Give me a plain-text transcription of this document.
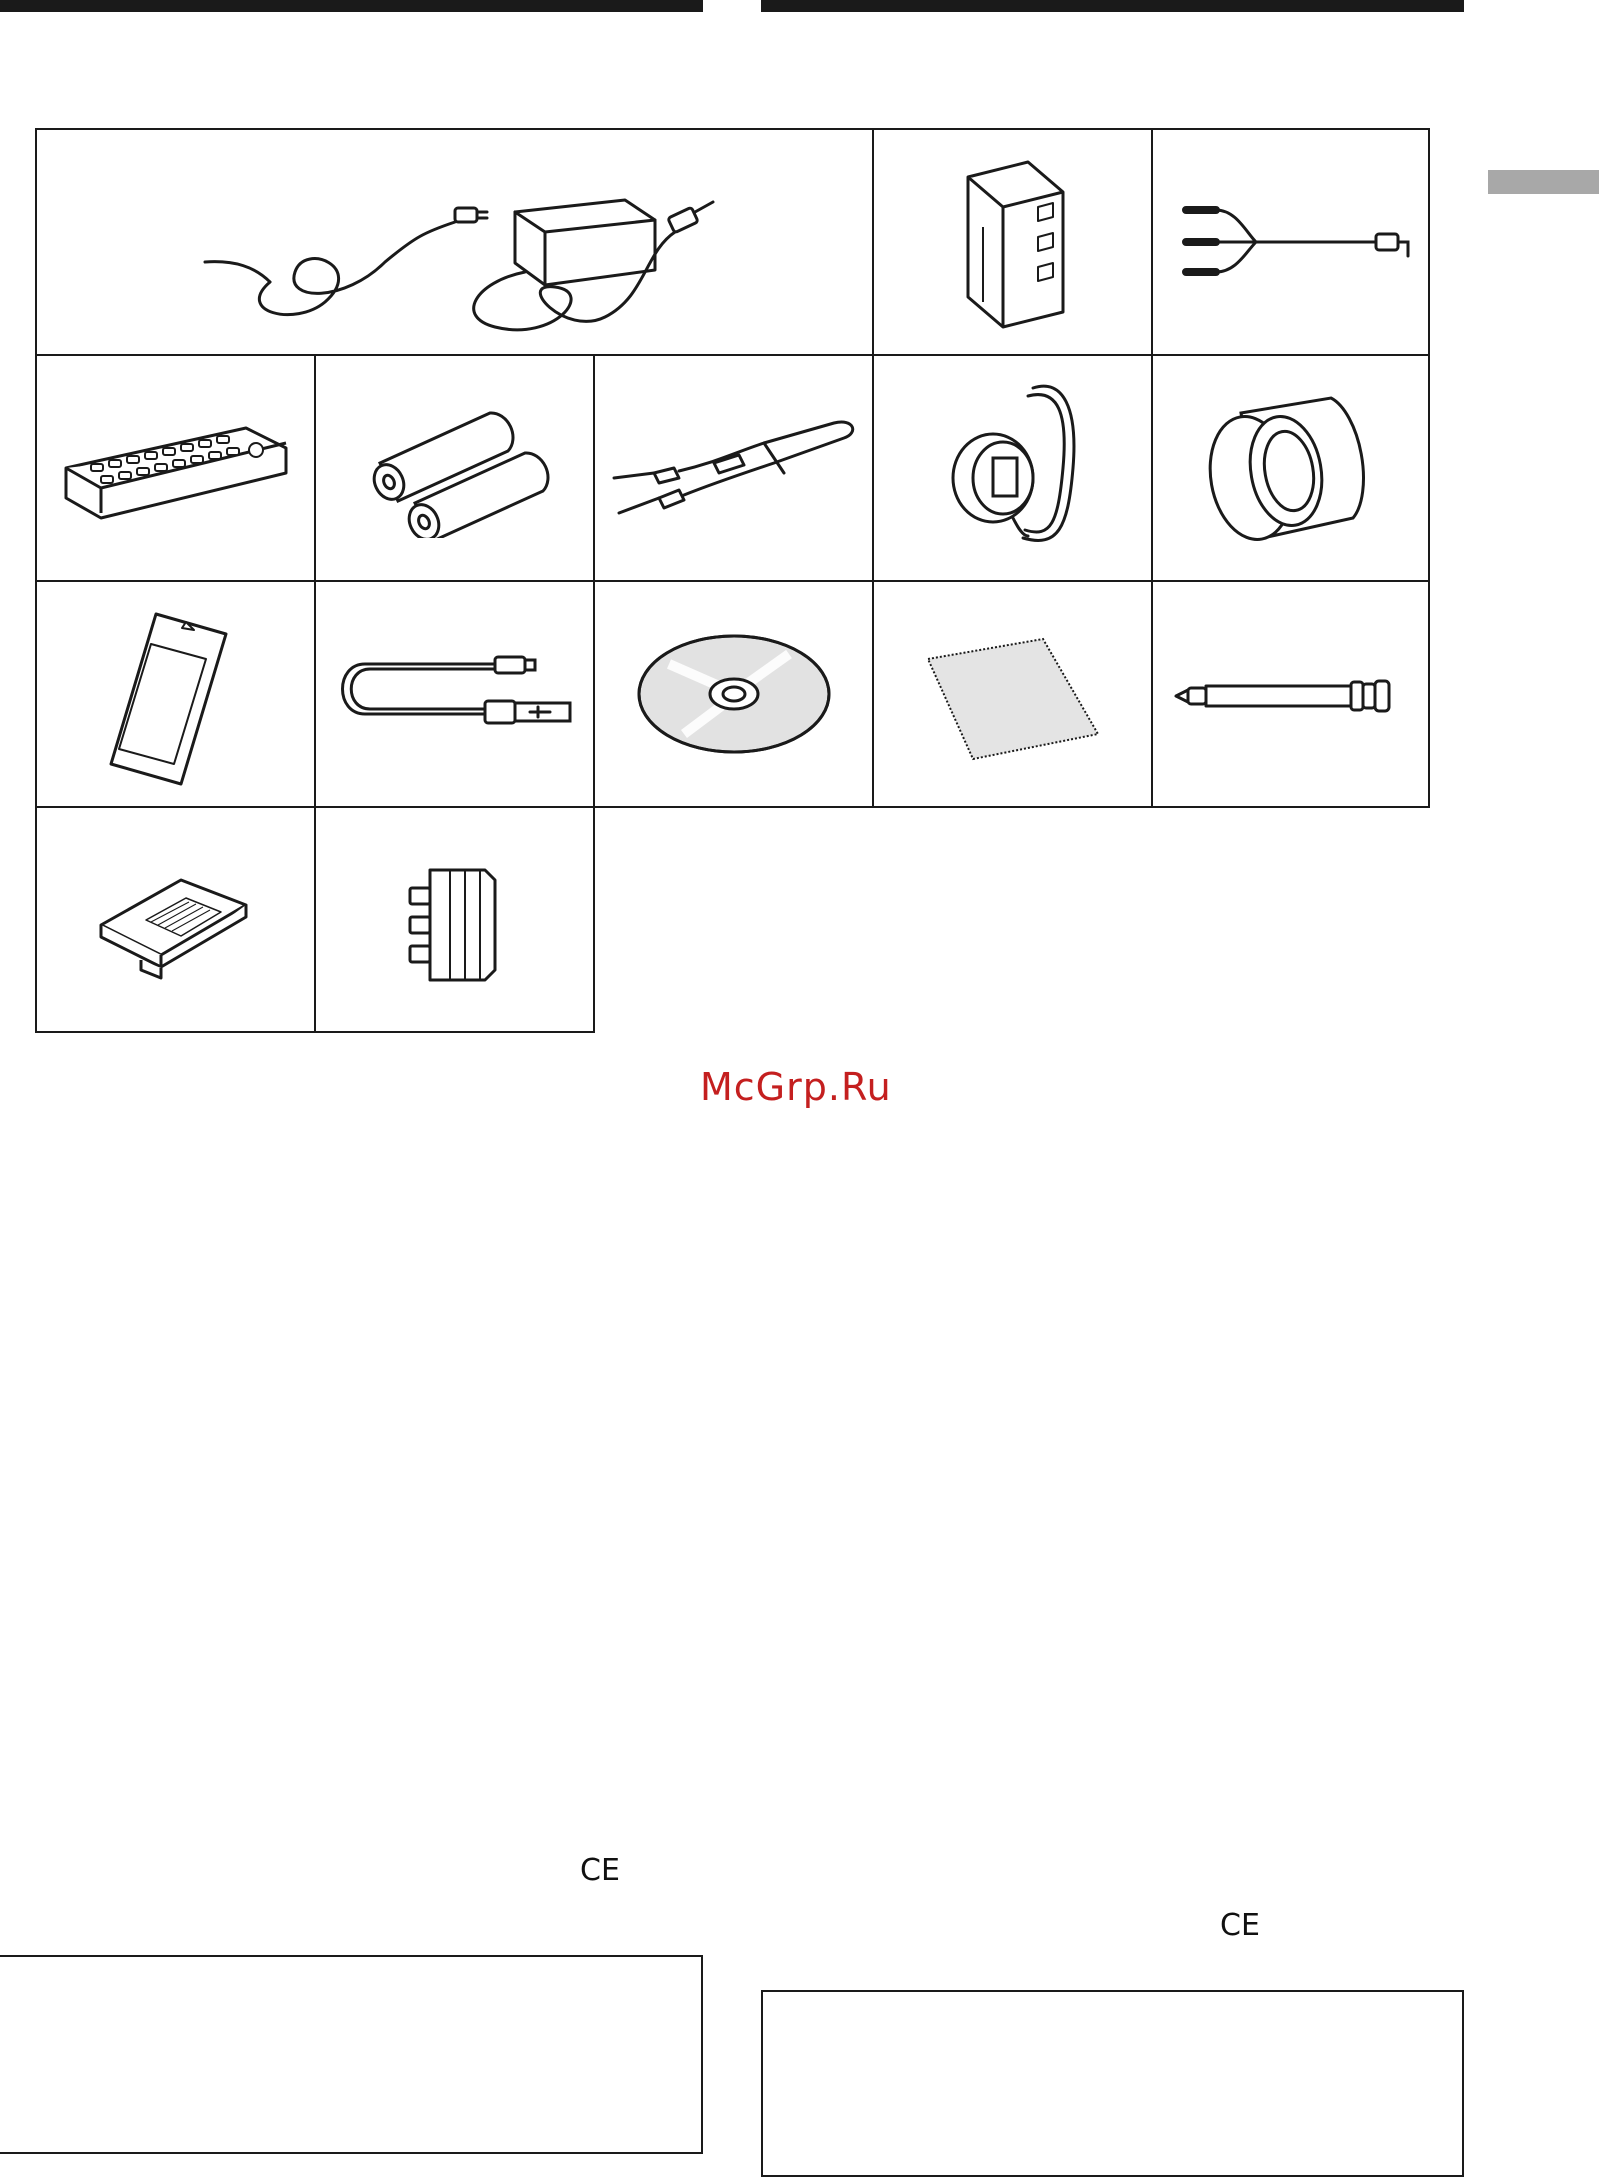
McGrp.Ru
CE
CE
